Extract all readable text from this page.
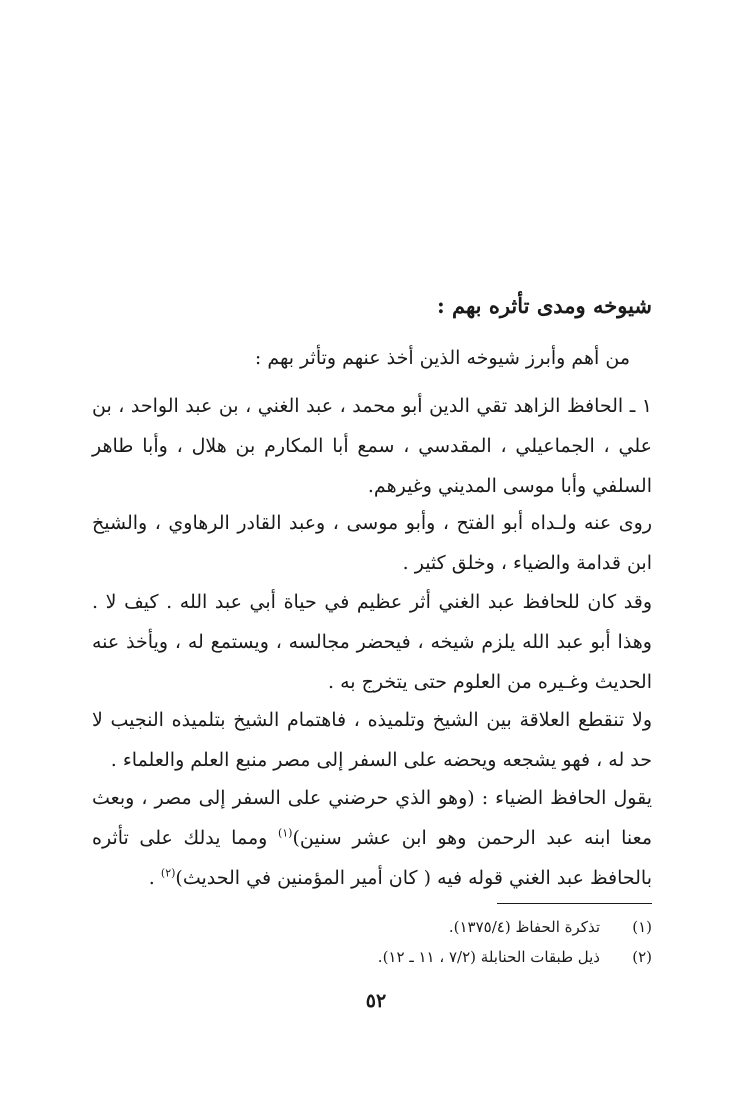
شيوخه ومدى تأثره بهم :

من أهم وأبرز شيوخه الذين أخذ عنهم وتأثر بهم :

١ ـ الحافظ الزاهد تقي الدين أبو محمد ، عبد الغني ، بن عبد الواحد ، بن علي ، الجماعيلي ، المقدسي ، سمع أبا المكارم بن هلال ، وأبا طاهر السلفي وأبا موسى المديني وغيرهم.

روى عنه ولـداه أبو الفتح ، وأبو موسى ، وعبد القادر الرهاوي ، والشيخ ابن قدامة والضياء ، وخلق كثير .

وقد كان للحافظ عبد الغني أثر عظيم في حياة أبي عبد الله . كيف لا . وهذا أبو عبد الله يلزم شيخه ، فيحضر مجالسه ، ويستمع له ، ويأخذ عنه الحديث وغـيره من العلوم حتى يتخرج به .

ولا تنقطع العلاقة بين الشيخ وتلميذه ، فاهتمام الشيخ بتلميذه النجيب لا حد له ، فهو يشجعه ويحضه على السفر إلى مصر منبع العلم والعلماء .

يقول الحافظ الضياء : (وهو الذي حرضني على السفر إلى مصر ، وبعث معنا ابنه عبد الرحمن وهو ابن عشر سنين)$^{(١)}$ ومما يدلك على تأثره بالحافظ عبد الغني قوله فيه ( كان أمير المؤمنين في الحديث)$^{(٢)}$ .

(١)
تذكرة الحفاظ (١٣٧٥/٤).
(٢)
ذيل طبقات الحنابلة (٧/٢ ، ١١ ـ ١٢).
٥٢
